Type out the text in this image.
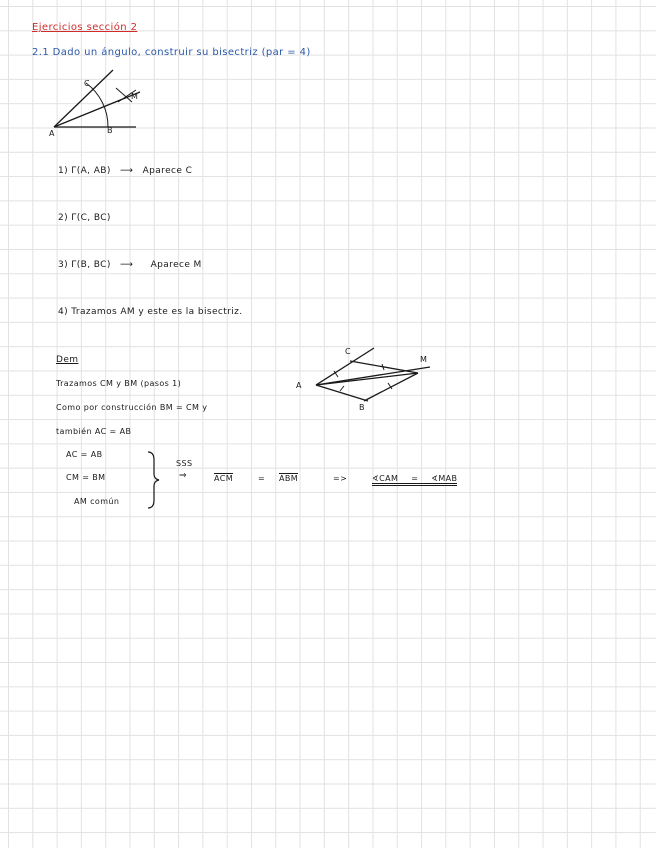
Ejercicios sección 2
2.1 Dado un ángulo, construir su bisectriz (par = 4)
A	B
C
M
1) Γ(A, AB) ⟶ Aparece C
2) Γ(C, BC)
3) Γ(B, BC) ⟶ Aparece M
4) Trazamos AM y este es la bisectriz.
Dem
Trazamos CM y BM (pasos 1)
Como por construcción BM = CM y
también AC = AB
A
B
C
M
AC = AB
CM = BM
AM común
SSS
⇒	ACM	= ABM	=>	∢CAM = ∢MAB
